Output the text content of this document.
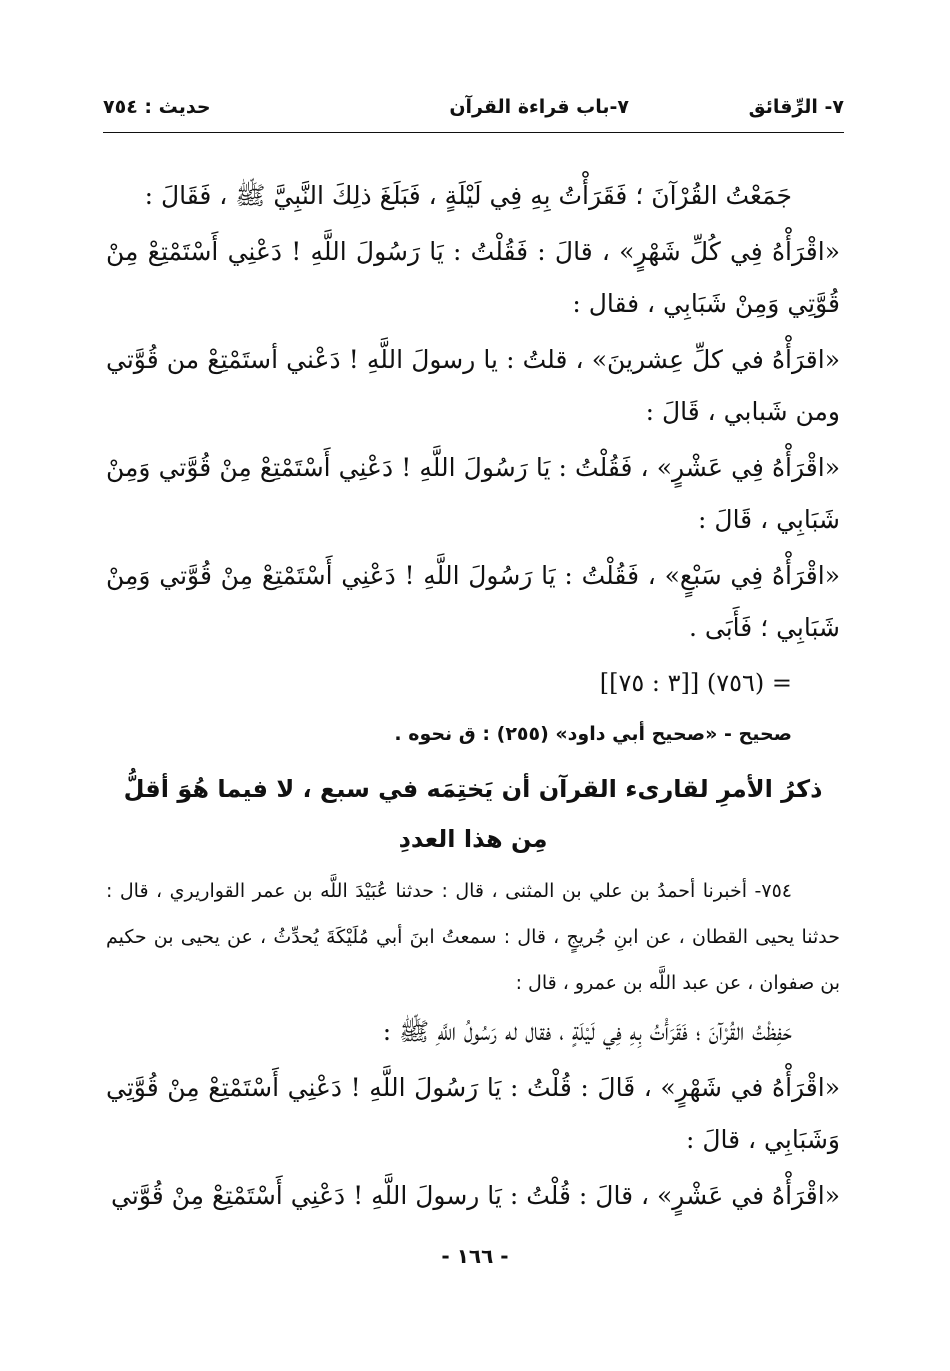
٧- الرِّقائق
٧-باب قراءة القرآن
حديث : ٧٥٤

جَمَعْتُ القُرْآنَ ؛ فَقَرَأْتُ بِهِ فِي لَيْلَةٍ ، فَبَلَغَ ذلِكَ النَّبِيَّ ﷺ ، فَقَالَ :

«اقْرَأْهُ فِي كُلِّ شَهْرٍ» ، قالَ : فَقُلْتُ : يَا رَسُولَ اللَّهِ ! دَعْنِي أَسْتَمْتِعْ مِنْ قُوَّتِي وَمِنْ شَبَابِي ، فقال :

«اقرَأْهُ في كلِّ عِشرينَ» ، قلتُ : يا رسولَ اللَّهِ ! دَعْني أستَمْتِعْ من قُوَّتي ومن شَبابي ، قَالَ :

«اقْرَأْهُ فِي عَشْرٍ» ، فَقُلْتُ : يَا رَسُولَ اللَّهِ ! دَعْنِي أَسْتَمْتِعْ مِنْ قُوَّتي وَمِنْ شَبَابِي ، قَالَ :

«اقْرَأْهُ فِي سَبْعٍ» ، فَقُلْتُ : يَا رَسُولَ اللَّهِ ! دَعْنِي أَسْتَمْتِعْ مِنْ قُوَّتي وَمِنْ شَبَابِي ؛ فَأَبَى .

= (٧٥٦) [[٣ : ٧٥]]

صحيح - «صحيح أبي داود» (٢٥٥) : ق نحوه .

ذكرُ الأمرِ لقارىء القرآن أن يَختِمَه في سبع ، لا فيما هُوَ أقلُّ
مِن هذا العددِ

٧٥٤- أخبرنا أحمدُ بن علي بن المثنى ، قال : حدثنا عُبَيْدَ اللَّه بن عمر القواريري ، قال : حدثنا يحيى القطان ، عن ابنِ جُريجٍ ، قال : سمعتُ ابنَ أبي مُلَيْكَةَ يُحدِّثُ ، عن يحيى بن حكيم بن صفوان ، عن عبد اللَّه بن عمرو ، قال :

حَفِظْتُ القُرْآنَ ؛ فَقَرَأْتُ بِهِ فِي لَيْلَةٍ ، فقال له رَسُولُ اللَّهِ ﷺ :

«اقْرَأْهُ في شَهْرٍ» ، قَالَ : قُلْتُ : يَا رَسُولَ اللَّهِ ! دَعْنِي أَسْتَمْتِعْ مِنْ قُوَّتِي وَشَبَابِي ، قالَ :

«اقْرَأْهُ في عَشْرٍ» ، قالَ : قُلْتُ : يَا رسولَ اللَّهِ ! دَعْنِي أَسْتَمْتِعْ مِنْ قُوَّتي

- ١٦٦ -
